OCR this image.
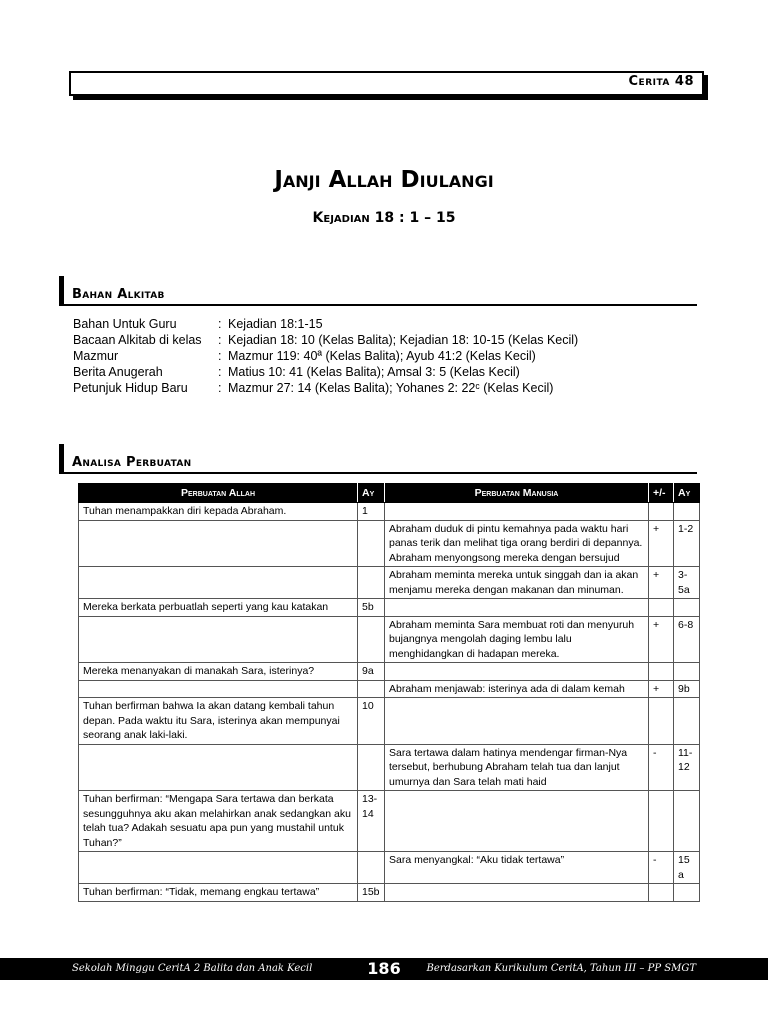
Cerita 48
Janji Allah Diulangi
Kejadian 18 : 1 – 15
Bahan Alkitab
Bahan Untuk Guru	: Kejadian 18:1-15
Bacaan Alkitab di kelas : Kejadian 18: 10 (Kelas Balita); Kejadian 18: 10-15 (Kelas Kecil)
Mazmur	: Mazmur 119: 40ª (Kelas Balita); Ayub 41:2 (Kelas Kecil)
Berita Anugerah	: Matius 10: 41 (Kelas Balita); Amsal 3: 5 (Kelas Kecil)
Petunjuk Hidup Baru : Mazmur 27: 14 (Kelas Balita); Yohanes 2: 22ᶜ (Kelas Kecil)
Analisa Perbuatan
Perbuatan Allah	Ay	Perbuatan Manusia	+/-	Ay
Tuhan menampakkan diri kepada Abraham.	1			
		Abraham duduk di pintu kemahnya pada waktu hari panas terik dan melihat tiga orang berdiri di depannya. Abraham menyongsong mereka dengan bersujud	+	1-2
		Abraham meminta mereka untuk singgah dan ia akan menjamu mereka dengan makanan dan minuman.	+	3-5a
Mereka berkata perbuatlah seperti yang kau katakan	5b			
		Abraham meminta Sara membuat roti dan menyuruh bujangnya mengolah daging lembu lalu menghidangkan di hadapan mereka.	+	6-8
Mereka menanyakan di manakah Sara, isterinya?	9a			
		Abraham menjawab: isterinya ada di dalam kemah	+	9b
Tuhan berfirman bahwa Ia akan datang kembali tahun depan. Pada waktu itu Sara, isterinya akan mempunyai seorang anak laki-laki.	10			
		Sara tertawa dalam hatinya mendengar firman-Nya tersebut, berhubung Abraham telah tua dan lanjut umurnya dan Sara telah mati haid	-	11-12
Tuhan berfirman: “Mengapa Sara tertawa dan berkata sesungguhnya aku akan melahirkan anak sedangkan aku telah tua? Adakah sesuatu apa pun yang mustahil untuk Tuhan?”	13-14			
		Sara menyangkal: “Aku tidak tertawa”	-	15a
Tuhan berfirman: “Tidak, memang engkau tertawa”	15b			
Sekolah Minggu CeritA 2 Balita dan Anak Kecil	186	Berdasarkan Kurikulum CeritA, Tahun III – PP SMGT
